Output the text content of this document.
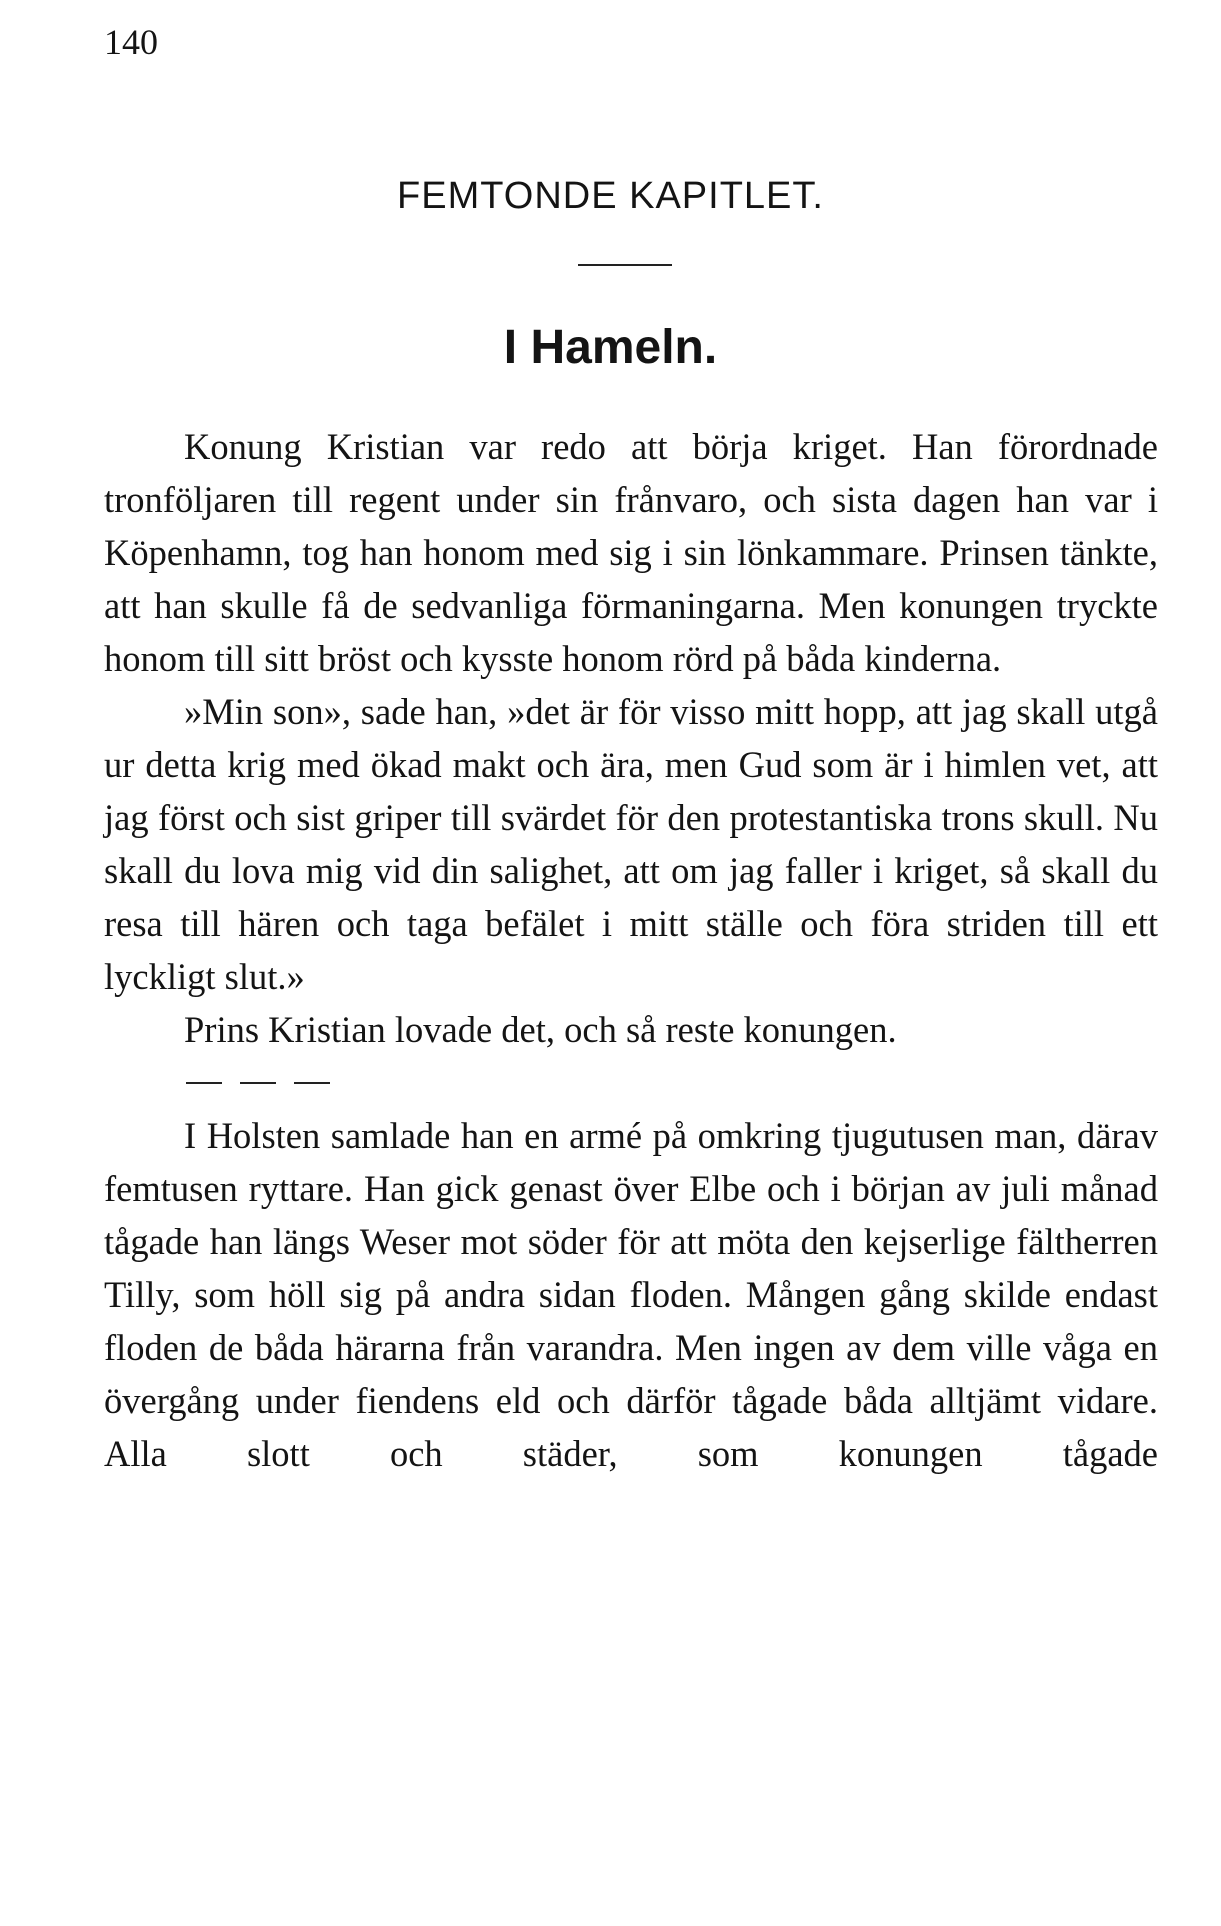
140
FEMTONDE KAPITLET.
I Hameln.

Konung Kristian var redo att börja kriget. Han förordnade tronföljaren till regent under sin frånvaro, och sista dagen han var i Köpenhamn, tog han honom med sig i sin lönkammare. Prinsen tänkte, att han skulle få de sedvanliga förmaningarna. Men konungen tryckte honom till sitt bröst och kysste honom rörd på båda kinderna.

»Min son», sade han, »det är för visso mitt hopp, att jag skall utgå ur detta krig med ökad makt och ära, men Gud som är i himlen vet, att jag först och sist griper till svärdet för den protestantiska trons skull. Nu skall du lova mig vid din salighet, att om jag faller i kriget, så skall du resa till hären och taga befälet i mitt ställe och föra striden till ett lyckligt slut.»

Prins Kristian lovade det, och så reste konungen.

I Holsten samlade han en armé på omkring tjugutusen man, därav femtusen ryttare. Han gick genast över Elbe och i början av juli månad tågade han längs Weser mot söder för att möta den kejserlige fältherren Tilly, som höll sig på andra sidan floden. Mången gång skilde endast floden de båda härarna från varandra. Men ingen av dem ville våga en övergång under fiendens eld och därför tågade båda alltjämt vidare. Alla slott och städer, som konungen tågade
